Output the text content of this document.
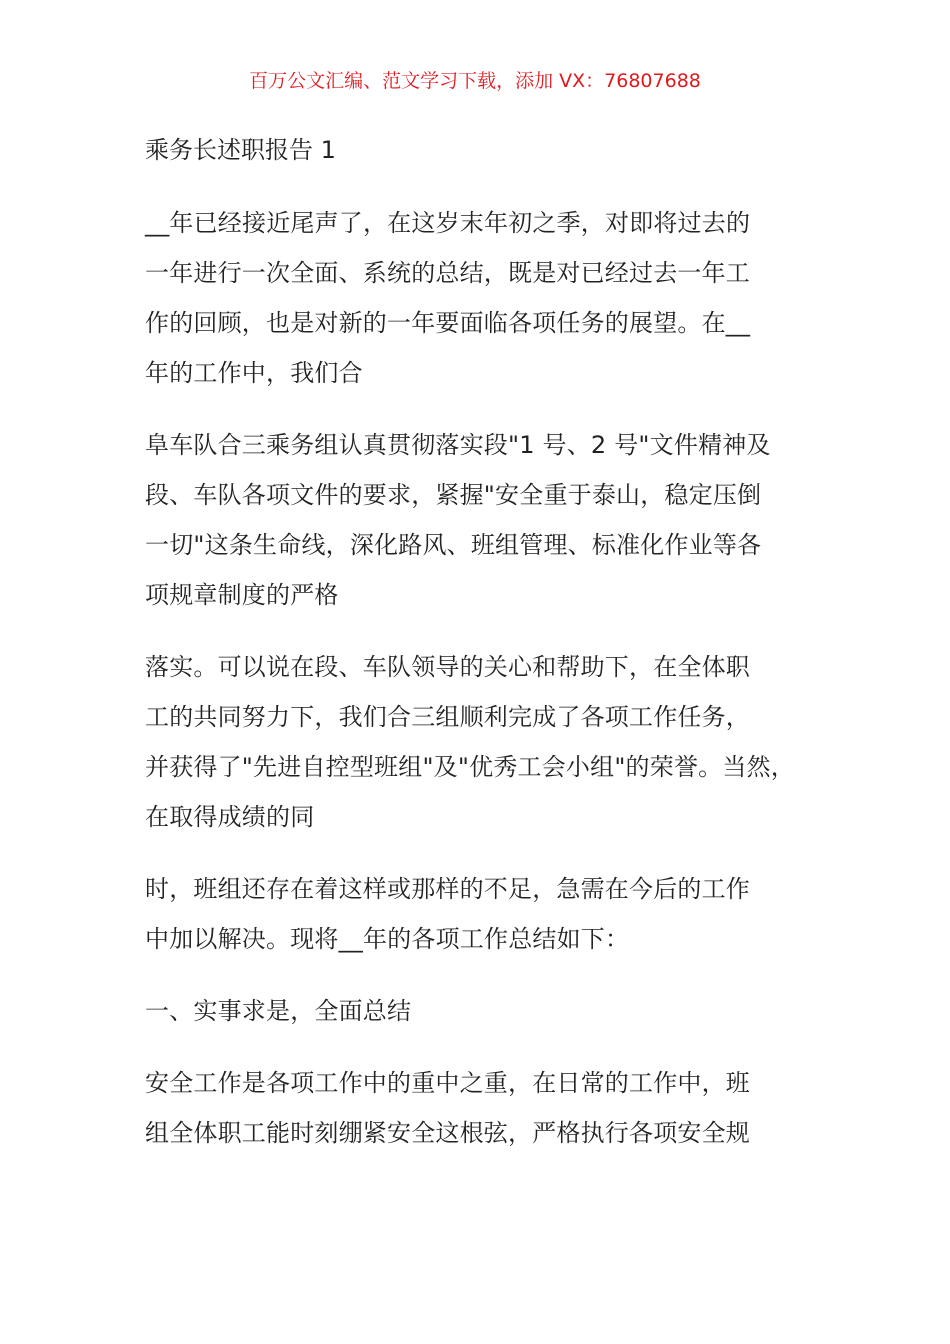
百万公文汇编、范文学习下载，添加 VX：76807688
乘务长述职报告 1
__年已经接近尾声了，在这岁末年初之季，对即将过去的
一年进行一次全面、系统的总结，既是对已经过去一年工
作的回顾，也是对新的一年要面临各项任务的展望。在__
年的工作中，我们合
阜车队合三乘务组认真贯彻落实段"1 号、2 号"文件精神及
段、车队各项文件的要求，紧握"安全重于泰山，稳定压倒
一切"这条生命线，深化路风、班组管理、标准化作业等各
项规章制度的严格
落实。可以说在段、车队领导的关心和帮助下，在全体职
工的共同努力下，我们合三组顺利完成了各项工作任务，
并获得了"先进自控型班组"及"优秀工会小组"的荣誉。当然，
在取得成绩的同
时，班组还存在着这样或那样的不足，急需在今后的工作
中加以解决。现将__年的各项工作总结如下：
一、实事求是，全面总结
安全工作是各项工作中的重中之重，在日常的工作中，班
组全体职工能时刻绷紧安全这根弦，严格执行各项安全规
